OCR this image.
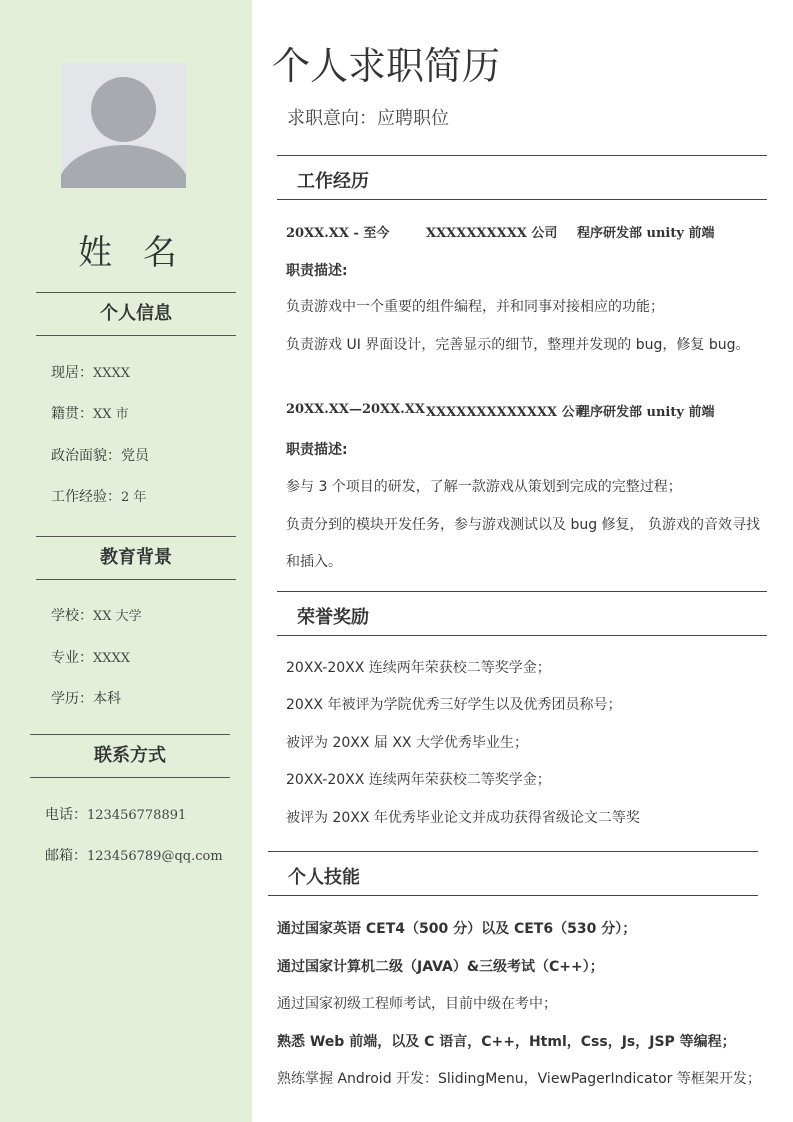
姓 名
个人信息
现居：XXXX
籍贯：XX 市
政治面貌：党员
工作经验：2 年
教育背景
学校：XX 大学
专业：XXXX
学历：本科
联系方式
电话：123456778891
邮箱：123456789@qq.com
个人求职简历
求职意向：应聘职位
工作经历
20XX.XX - 至今	XXXXXXXXXX 公司 程序研发部 unity 前端
职责描述:
负责游戏中一个重要的组件编程，并和同事对接相应的功能；
负责游戏 UI 界面设计，完善显示的细节，整理并发现的 bug，修复 bug。
20XX.XX—20XX.XX XXXXXXXXXXXXX 公司
程序研发部 unity 前端
职责描述:
参与 3 个项目的研发，了解一款游戏从策划到完成的完整过程；
负责分到的模块开发任务，参与游戏测试以及 bug 修复， 负游戏的音效寻找
和插入。
荣誉奖励
20XX-20XX 连续两年荣获校二等奖学金；
20XX 年被评为学院优秀三好学生以及优秀团员称号；
被评为 20XX 届 XX 大学优秀毕业生；
20XX-20XX 连续两年荣获校二等奖学金；
被评为 20XX 年优秀毕业论文并成功获得省级论文二等奖
个人技能
通过国家英语 CET4（500 分）以及 CET6（530 分）；
通过国家计算机二级（JAVA）&三级考试（C++）；
通过国家初级工程师考试，目前中级在考中；
熟悉 Web 前端，以及 C 语言，C++，Html，Css，Js，JSP 等编程；
熟练掌握 Android 开发：SlidingMenu，ViewPagerIndicator 等框架开发；
